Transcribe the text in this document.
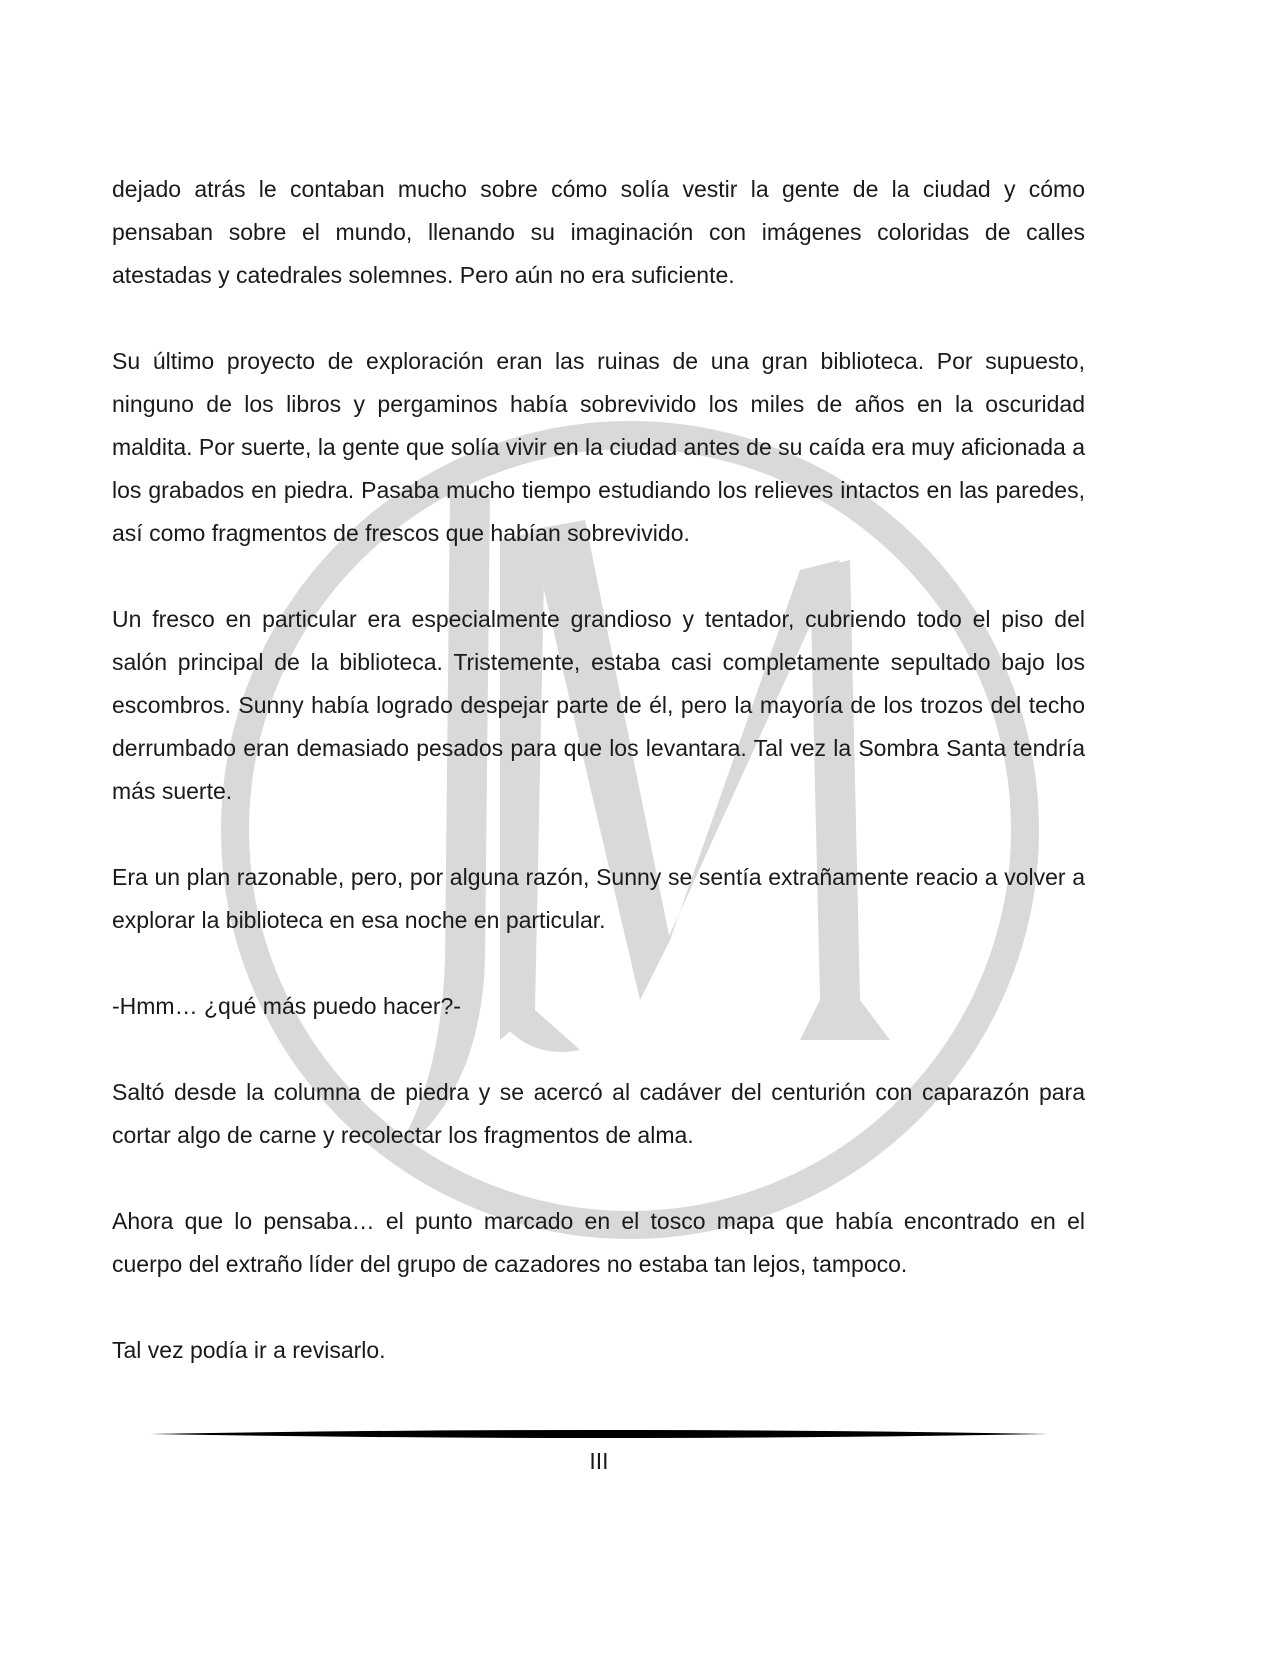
dejado atrás le contaban mucho sobre cómo solía vestir la gente de la ciudad y cómo pensaban sobre el mundo, llenando su imaginación con imágenes coloridas de calles atestadas y catedrales solemnes. Pero aún no era suficiente.

Su último proyecto de exploración eran las ruinas de una gran biblioteca. Por supuesto, ninguno de los libros y pergaminos había sobrevivido los miles de años en la oscuridad maldita. Por suerte, la gente que solía vivir en la ciudad antes de su caída era muy aficionada a los grabados en piedra. Pasaba mucho tiempo estudiando los relieves intactos en las paredes, así como fragmentos de frescos que habían sobrevivido.

Un fresco en particular era especialmente grandioso y tentador, cubriendo todo el piso del salón principal de la biblioteca. Tristemente, estaba casi completamente sepultado bajo los escombros. Sunny había logrado despejar parte de él, pero la mayoría de los trozos del techo derrumbado eran demasiado pesados para que los levantara. Tal vez la Sombra Santa tendría más suerte.

Era un plan razonable, pero, por alguna razón, Sunny se sentía extrañamente reacio a volver a explorar la biblioteca en esa noche en particular.

-Hmm… ¿qué más puedo hacer?-

Saltó desde la columna de piedra y se acercó al cadáver del centurión con caparazón para cortar algo de carne y recolectar los fragmentos de alma.

Ahora que lo pensaba… el punto marcado en el tosco mapa que había encontrado en el cuerpo del extraño líder del grupo de cazadores no estaba tan lejos, tampoco.

Tal vez podía ir a revisarlo.

III
